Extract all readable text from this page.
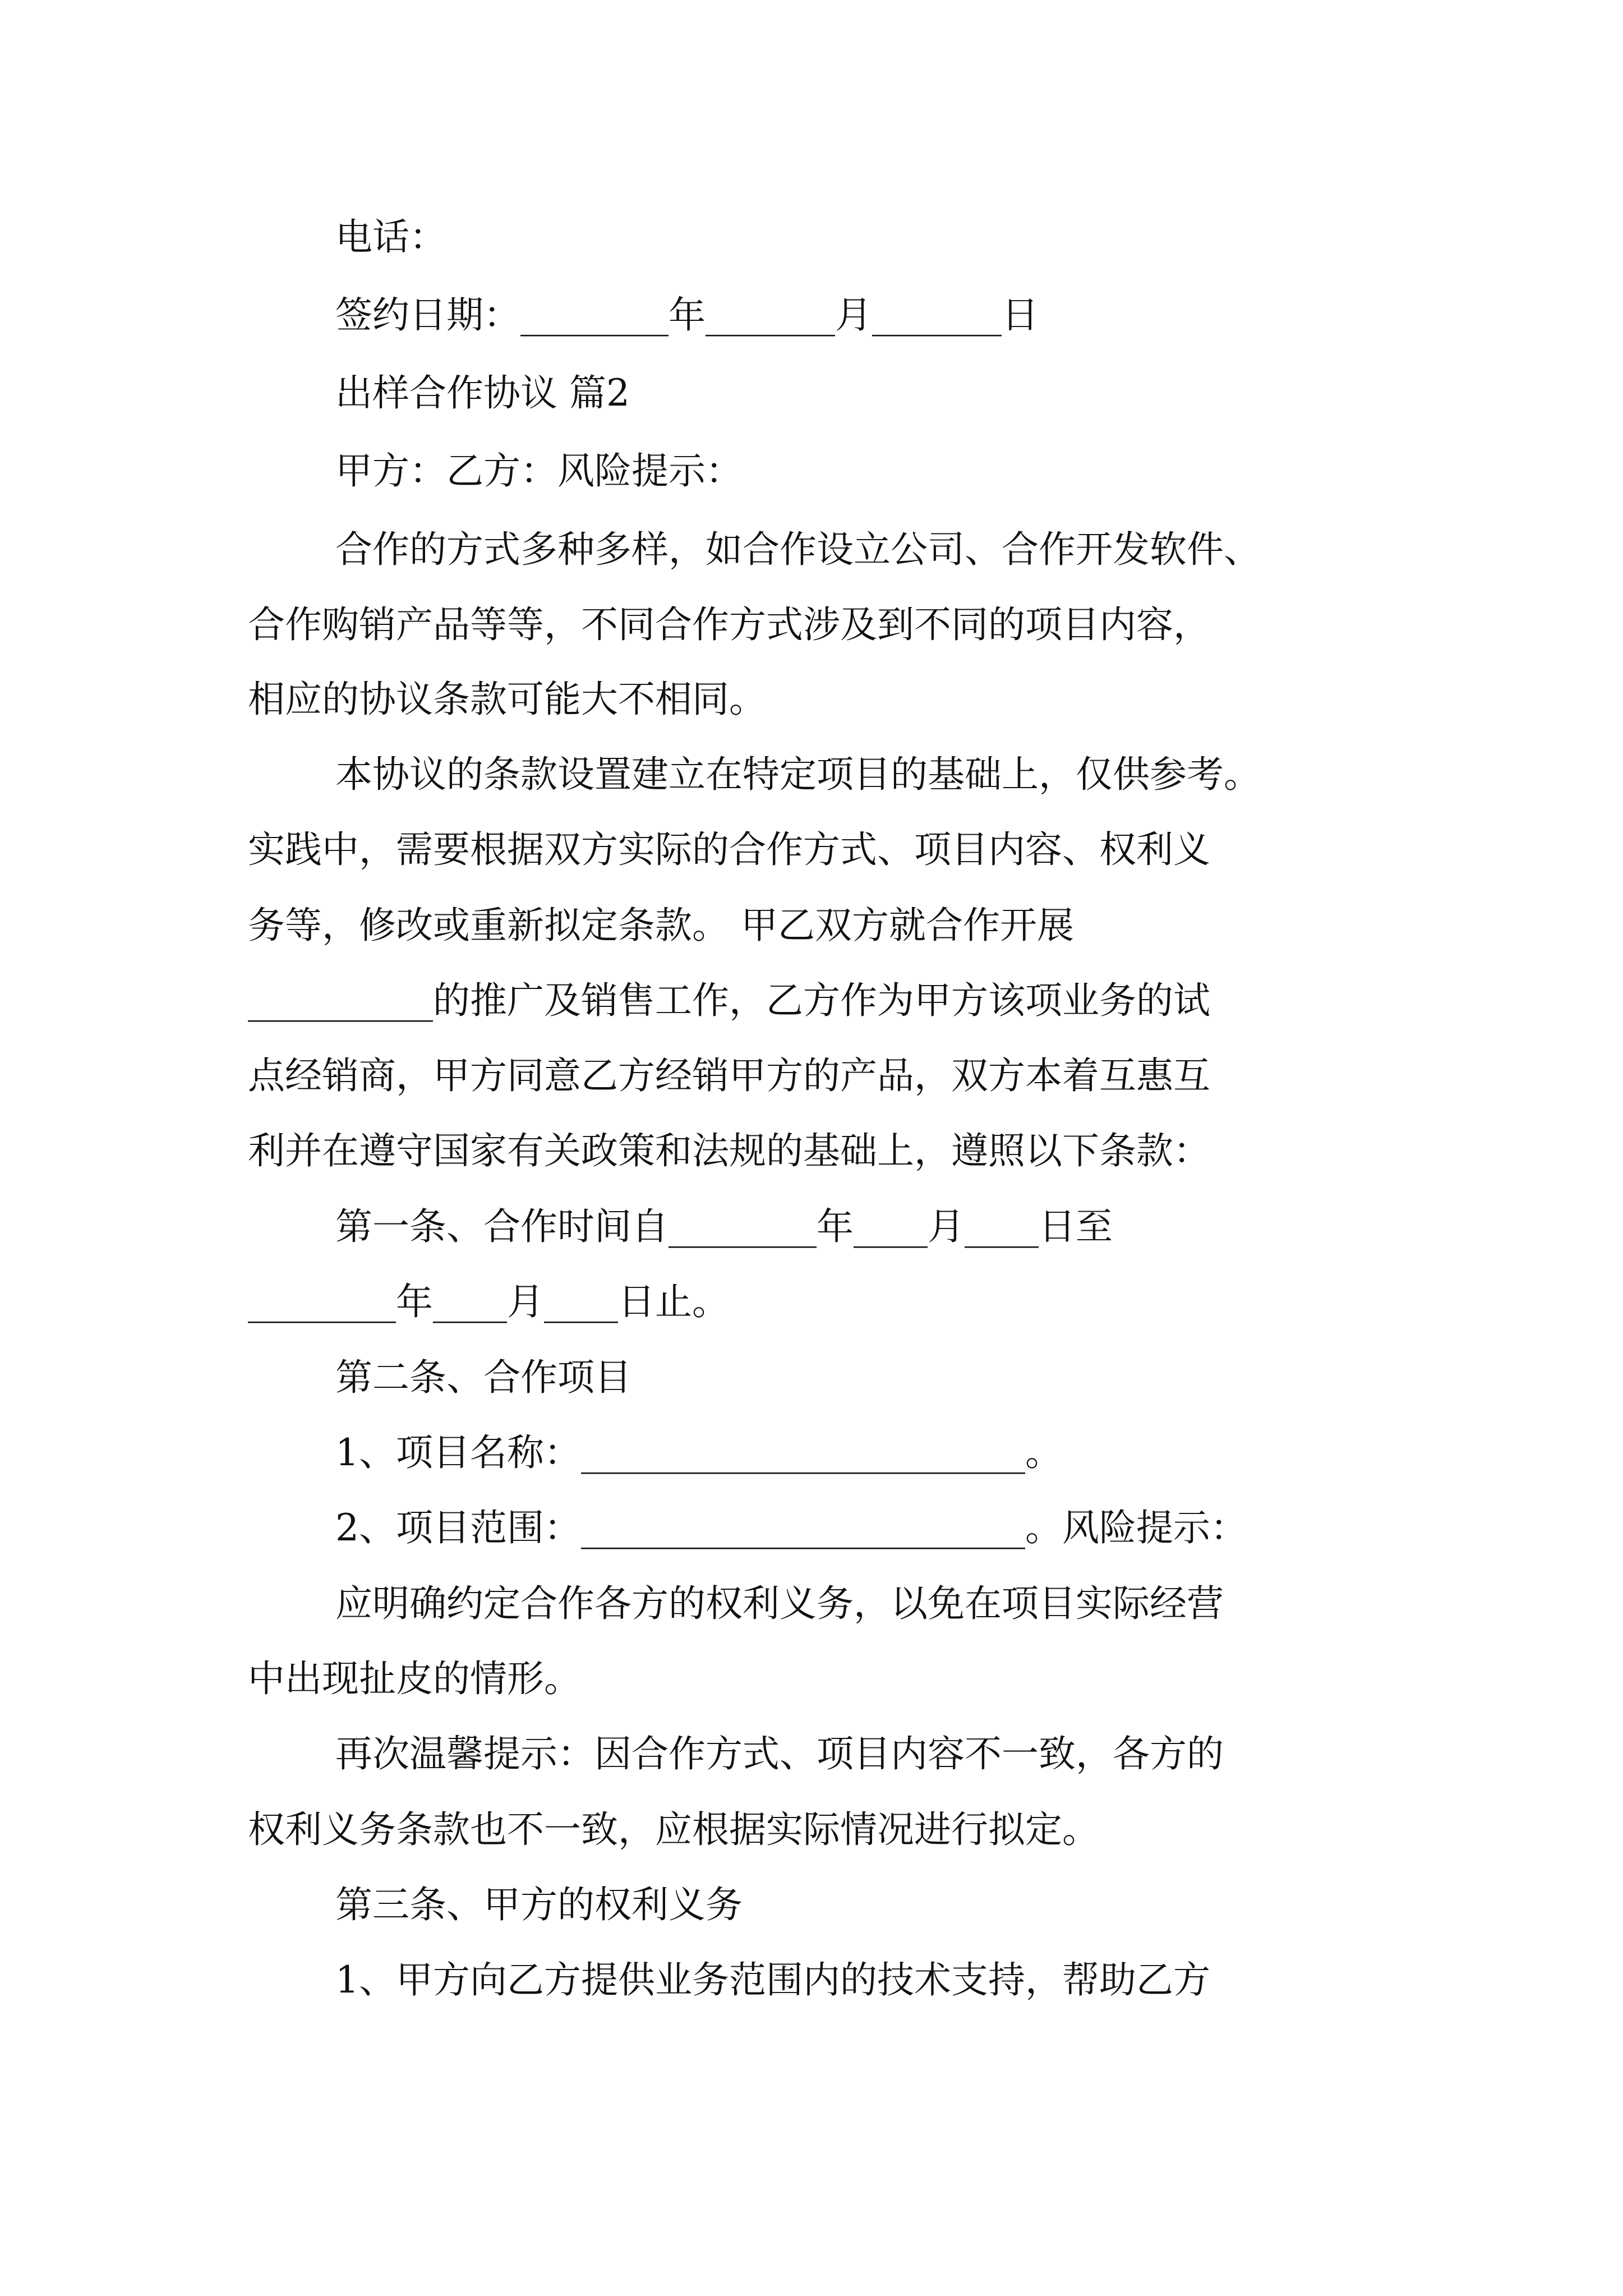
电话：
签约日期：________年_______月_______日
出样合作协议 篇2
甲方：乙方：风险提示：
合作的方式多种多样，如合作设立公司、合作开发软件、
合作购销产品等等，不同合作方式涉及到不同的项目内容，
相应的协议条款可能大不相同。
本协议的条款设置建立在特定项目的基础上，仅供参考。
实践中，需要根据双方实际的合作方式、项目内容、权利义
务等，修改或重新拟定条款。 甲乙双方就合作开展
__________的推广及销售工作，乙方作为甲方该项业务的试
点经销商，甲方同意乙方经销甲方的产品，双方本着互惠互
利并在遵守国家有关政策和法规的基础上，遵照以下条款：
第一条、合作时间自________年____月____日至
________年____月____日止。
第二条、合作项目
1、项目名称：________________________。
2、项目范围：________________________。风险提示：
应明确约定合作各方的权利义务，以免在项目实际经营
中出现扯皮的情形。
再次温馨提示：因合作方式、项目内容不一致，各方的
权利义务条款也不一致，应根据实际情况进行拟定。
第三条、甲方的权利义务
1、甲方向乙方提供业务范围内的技术支持，帮助乙方
